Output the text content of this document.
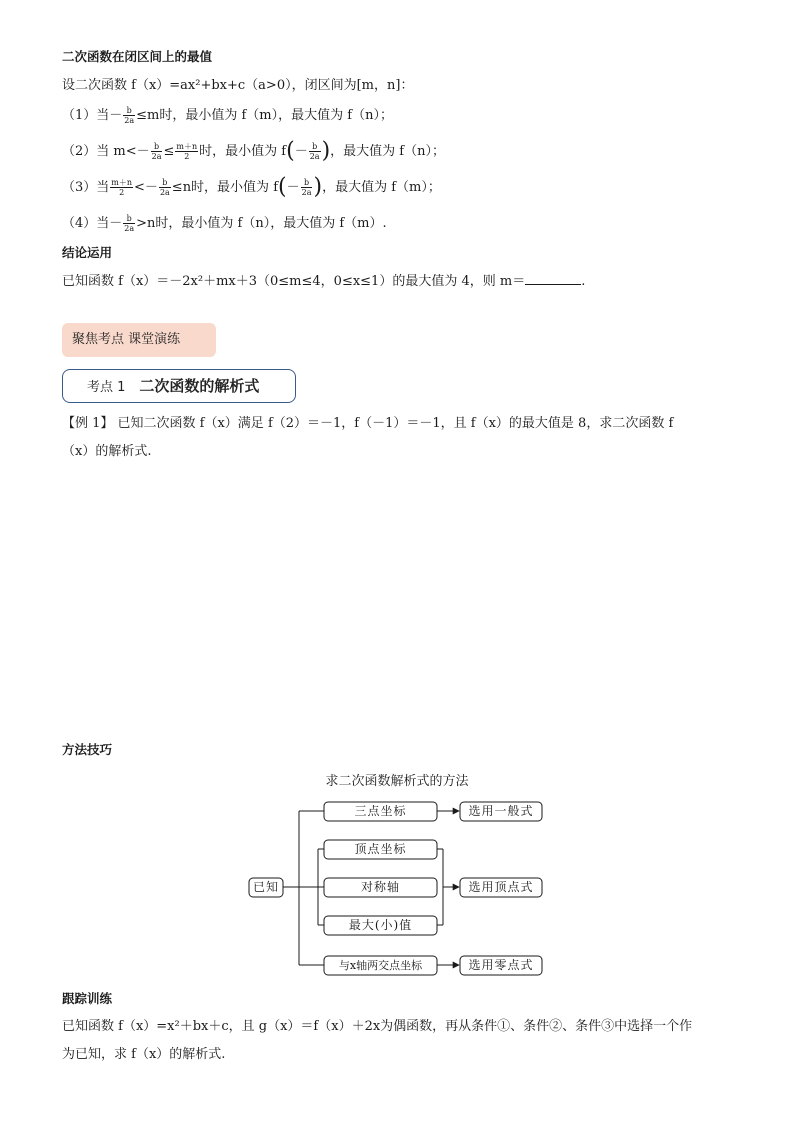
二次函数在闭区间上的最值
设二次函数 f（x）=ax²+bx+c（a>0），闭区间为[m，n]：
（1）当－ $\frac{b}{2a} \le m$时，最小值为 f（m），最大值为 f（n）；
（2）当 $m<- \frac{b}{2a} \le \frac{m+n}{2}$ 时，最小值为 $f(- \frac{b}{2a}$ )，最大值为 f（n）；
（3）当 $\frac{m+n}{2} <- \frac{b}{2a} \le n$时，最小值为 $f(- \frac{b}{2a}$ )，最大值为 f（m）；
（4）当－ $\frac{b}{2a} >n$时，最小值为 f（n），最大值为 f（m）.
结论运用
已知函数 f（x）＝－2x²＋mx＋3（0≤m≤4，0≤x≤1）的最大值为 4，则 m＝	.
聚焦考点 课堂演练
考点 1 二次函数的解析式
【例 1】 已知二次函数 f（x）满足 f（2）＝－1，f（－1）＝－1，且 f（x）的最大值是 8，求二次函数 f
（x）的解析式.
方法技巧
求二次函数解析式的方法
已知
三点坐标
顶点坐标
对称轴
最大(小)值
与x轴两交点坐标
选用一般式
选用顶点式
选用零点式
跟踪训练
已知函数 f（x）=x²＋bx＋c，且 g（x）＝f（x）＋2x为偶函数，再从条件①、条件②、条件③中选择一个作
为已知，求 f（x）的解析式.
